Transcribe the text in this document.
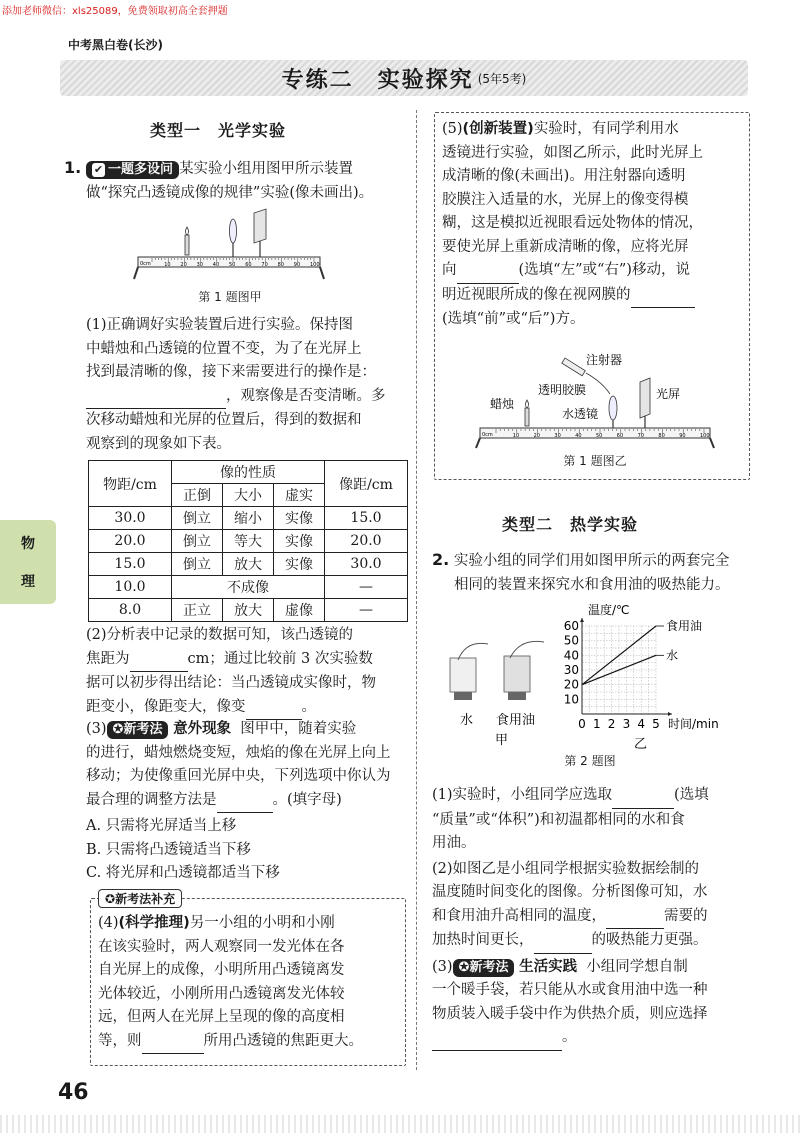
添加老师微信：xls25089，免费领取初高全套押题
中考黑白卷(长沙)
专练二　实验探究 (5年5考)
物
理
类型一　光学实验
1. ✔ 一题多设问 某实验小组用图甲所示装置
做“探究凸透镜成像的规律”实验(像未画出)。
0cm	10 20 30 40 50 60 70 80 90 100
第 1 题图甲
(1)正确调好实验装置后进行实验。保持图
中蜡烛和凸透镜的位置不变，为了在光屏上
找到最清晰的像，接下来需要进行的操作是：
，观察像是否变清晰。多
次移动蜡烛和光屏的位置后，得到的数据和
观察到的现象如下表。
物距/cm	像的性质			像距/cm
	正倒	大小	虚实	
30.0	倒立	缩小	实像	15.0
20.0	倒立	等大	实像	20.0
15.0	倒立	放大	实像	30.0
10.0	不成像			—
8.0	正立	放大	虚像	—
(2)分析表中记录的数据可知，该凸透镜的
焦距为	cm；通过比较前 3 次实验数
据可以初步得出结论：当凸透镜成实像时，物
距变小，像距变大，像变	。
(3) ✪新考法 意外现象 图甲中，随着实验
的进行，蜡烛燃烧变短，烛焰的像在光屏上向上
移动；为使像重回光屏中央，下列选项中你认为
最合理的调整方法是	。(填字母)
A. 只需将光屏适当上移
B. 只需将凸透镜适当下移
C. 将光屏和凸透镜都适当下移
✪新考法补充
(4)(科学推理)另一小组的小明和小刚
在该实验时，两人观察同一发光体在各
自光屏上的成像，小明所用凸透镜离发
光体较近，小刚所用凸透镜离发光体较
远，但两人在光屏上呈现的像的高度相
等，则	所用凸透镜的焦距更大。
(5)(创新装置)实验时，有同学利用水
透镜进行实验，如图乙所示，此时光屏上
成清晰的像(未画出)。用注射器向透明
胶膜注入适量的水，光屏上的像变得模
糊，这是模拟近视眼看远处物体的情况，
要使光屏上重新成清晰的像，应将光屏
向	(选填“左”或“右”)移动，说
明近视眼所成的像在视网膜的
(选填“前”或“后”)方。
注射器
透明胶膜
蜡烛
光屏
水透镜
0cm	10	20	30	40	50	60	70	80	90	100
第 1 题图乙
类型二　热学实验
2. 实验小组的同学们用如图甲所示的两套完全
相同的装置来探究水和食用油的吸热能力。
水 食用油
甲
温度/℃
时间/min
乙
10
20
30
40
50
60
0 1 2 3 4 5
食用油
水
第 2 题图
(1)实验时，小组同学应选取	(选填
“质量”或“体积”)和初温都相同的水和食
用油。
(2)如图乙是小组同学根据实验数据绘制的
温度随时间变化的图像。分析图像可知，水
和食用油升高相同的温度，	需要的
加热时间更长，	的吸热能力更强。
(3) ✪新考法 生活实践 小组同学想自制
一个暖手袋，若只能从水或食用油中选一种
物质装入暖手袋中作为供热介质，则应选择
。
46
